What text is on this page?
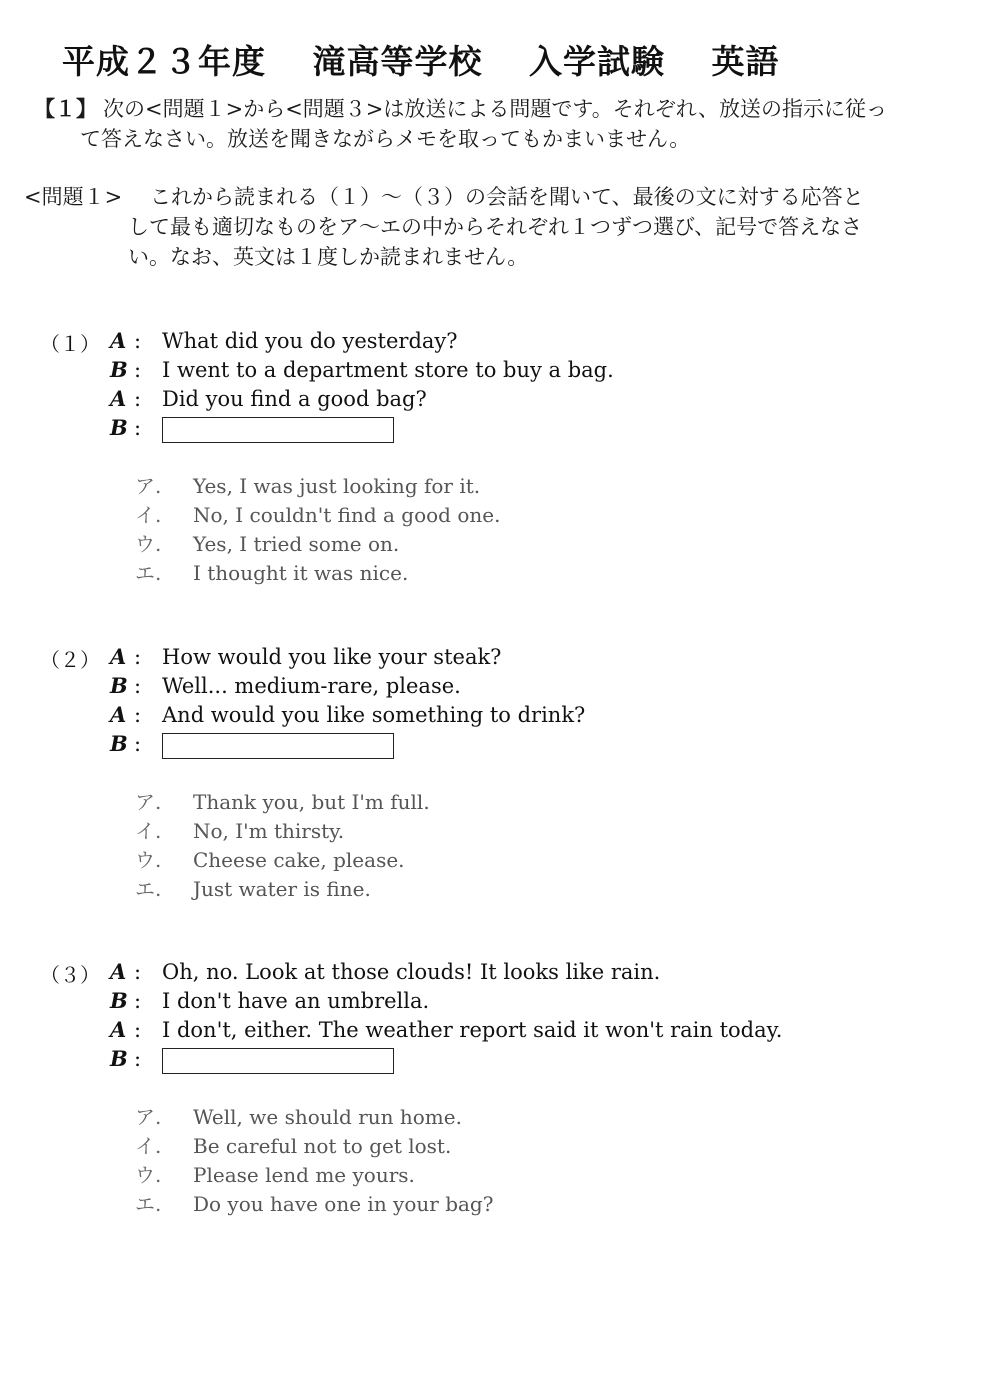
平成２３年度　 滝高等学校　 入学試験　 英語
【１】 次の<問題１>から<問題３>は放送による問題です。それぞれ、放送の指示に従っ
て答えなさい。放送を聞きながらメモを取ってもかまいません。
<問題１> これから読まれる（１）～（３）の会話を聞いて、最後の文に対する応答と
して最も適切なものをア～エの中からそれぞれ１つずつ選び、記号で答えなさ
い。なお、英文は１度しか読まれません。
（１） A : What did you do yesterday?
B : I went to a department store to buy a bag.
A : Did you find a good bag?
B :
ア. Yes, I was just looking for it.
イ. No, I couldn't find a good one.
ウ. Yes, I tried some on.
エ. I thought it was nice.
（２） A : How would you like your steak?
B : Well... medium-rare, please.
A : And would you like something to drink?
B :
ア. Thank you, but I'm full.
イ. No, I'm thirsty.
ウ. Cheese cake, please.
エ. Just water is fine.
（３） A : Oh, no. Look at those clouds! It looks like rain.
B : I don't have an umbrella.
A : I don't, either. The weather report said it won't rain today.
B :
ア. Well, we should run home.
イ. Be careful not to get lost.
ウ. Please lend me yours.
エ. Do you have one in your bag?
